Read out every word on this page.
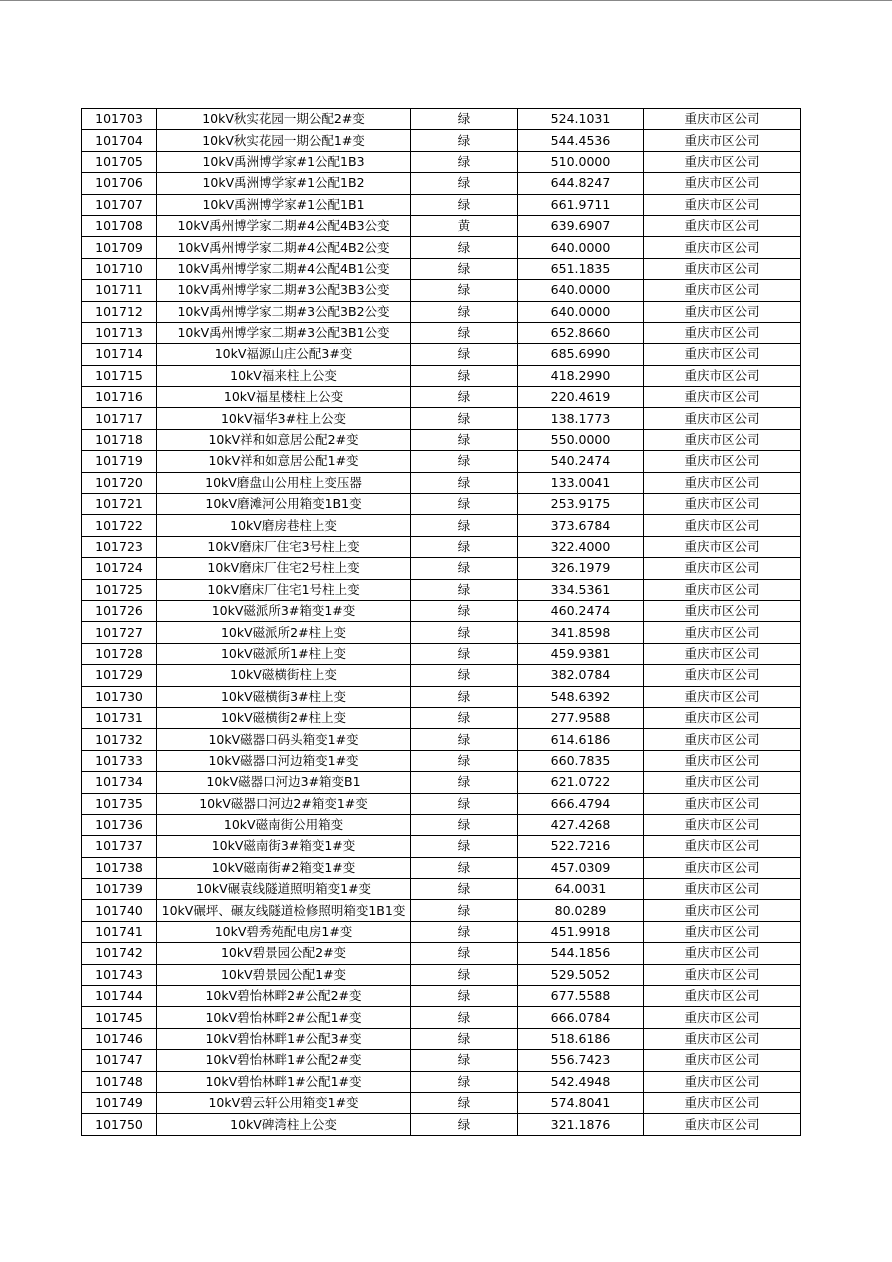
101703	10kV秋实花园一期公配2#变	绿	524.1031	重庆市区公司
101704	10kV秋实花园一期公配1#变	绿	544.4536	重庆市区公司
101705	10kV禹洲博学家#1公配1B3	绿	510.0000	重庆市区公司
101706	10kV禹洲博学家#1公配1B2	绿	644.8247	重庆市区公司
101707	10kV禹洲博学家#1公配1B1	绿	661.9711	重庆市区公司
101708	10kV禹州博学家二期#4公配4B3公变	黄	639.6907	重庆市区公司
101709	10kV禹州博学家二期#4公配4B2公变	绿	640.0000	重庆市区公司
101710	10kV禹州博学家二期#4公配4B1公变	绿	651.1835	重庆市区公司
101711	10kV禹州博学家二期#3公配3B3公变	绿	640.0000	重庆市区公司
101712	10kV禹州博学家二期#3公配3B2公变	绿	640.0000	重庆市区公司
101713	10kV禹州博学家二期#3公配3B1公变	绿	652.8660	重庆市区公司
101714	10kV福源山庄公配3#变	绿	685.6990	重庆市区公司
101715	10kV福来柱上公变	绿	418.2990	重庆市区公司
101716	10kV福星楼柱上公变	绿	220.4619	重庆市区公司
101717	10kV福华3#柱上公变	绿	138.1773	重庆市区公司
101718	10kV祥和如意居公配2#变	绿	550.0000	重庆市区公司
101719	10kV祥和如意居公配1#变	绿	540.2474	重庆市区公司
101720	10kV磨盘山公用柱上变压器	绿	133.0041	重庆市区公司
101721	10kV磨滩河公用箱变1B1变	绿	253.9175	重庆市区公司
101722	10kV磨房巷柱上变	绿	373.6784	重庆市区公司
101723	10kV磨床厂住宅3号柱上变	绿	322.4000	重庆市区公司
101724	10kV磨床厂住宅2号柱上变	绿	326.1979	重庆市区公司
101725	10kV磨床厂住宅1号柱上变	绿	334.5361	重庆市区公司
101726	10kV磁派所3#箱变1#变	绿	460.2474	重庆市区公司
101727	10kV磁派所2#柱上变	绿	341.8598	重庆市区公司
101728	10kV磁派所1#柱上变	绿	459.9381	重庆市区公司
101729	10kV磁横街柱上变	绿	382.0784	重庆市区公司
101730	10kV磁横街3#柱上变	绿	548.6392	重庆市区公司
101731	10kV磁横街2#柱上变	绿	277.9588	重庆市区公司
101732	10kV磁器口码头箱变1#变	绿	614.6186	重庆市区公司
101733	10kV磁器口河边箱变1#变	绿	660.7835	重庆市区公司
101734	10kV磁器口河边3#箱变B1	绿	621.0722	重庆市区公司
101735	10kV磁器口河边2#箱变1#变	绿	666.4794	重庆市区公司
101736	10kV磁南街公用箱变	绿	427.4268	重庆市区公司
101737	10kV磁南街3#箱变1#变	绿	522.7216	重庆市区公司
101738	10kV磁南街#2箱变1#变	绿	457.0309	重庆市区公司
101739	10kV碾袁线隧道照明箱变1#变	绿	64.0031	重庆市区公司
101740	10kV碾坪、碾友线隧道检修照明箱变1B1变	绿	80.0289	重庆市区公司
101741	10kV碧秀苑配电房1#变	绿	451.9918	重庆市区公司
101742	10kV碧景园公配2#变	绿	544.1856	重庆市区公司
101743	10kV碧景园公配1#变	绿	529.5052	重庆市区公司
101744	10kV碧怡林畔2#公配2#变	绿	677.5588	重庆市区公司
101745	10kV碧怡林畔2#公配1#变	绿	666.0784	重庆市区公司
101746	10kV碧怡林畔1#公配3#变	绿	518.6186	重庆市区公司
101747	10kV碧怡林畔1#公配2#变	绿	556.7423	重庆市区公司
101748	10kV碧怡林畔1#公配1#变	绿	542.4948	重庆市区公司
101749	10kV碧云轩公用箱变1#变	绿	574.8041	重庆市区公司
101750	10kV碑湾柱上公变	绿	321.1876	重庆市区公司
